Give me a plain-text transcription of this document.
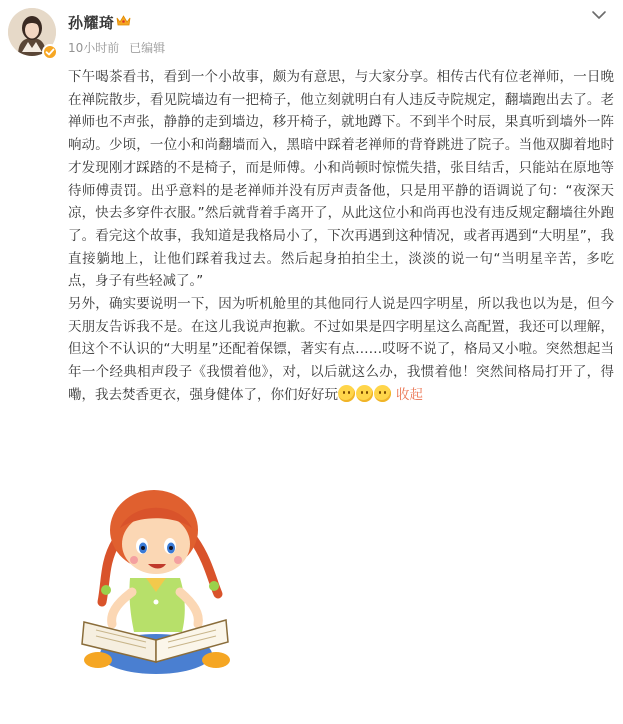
孙耀琦
10小时前 已编辑

下午喝茶看书，看到一个小故事，颇为有意思，与大家分享。相传古代有位老禅师，一日晚在禅院散步，看见院墙边有一把椅子，他立刻就明白有人违反寺院规定，翻墙跑出去了。老禅师也不声张，静静的走到墙边，移开椅子，就地蹲下。不到半个时辰，果真听到墙外一阵响动。少顷，一位小和尚翻墙而入，黑暗中踩着老禅师的背脊跳进了院子。当他双脚着地时才发现刚才踩踏的不是椅子，而是师傅。小和尚顿时惊慌失措，张目结舌，只能站在原地等待师傅责罚。出乎意料的是老禅师并没有厉声责备他，只是用平静的语调说了句：“夜深天凉，快去多穿件衣服。”然后就背着手离开了，从此这位小和尚再也没有违反规定翻墙往外跑了。看完这个故事，我知道是我格局小了，下次再遇到这种情况，或者再遇到“大明星”，我直接躺地上，让他们踩着我过去。然后起身拍拍尘土，淡淡的说一句“当明星辛苦，多吃点，身子有些轻减了。”

另外，确实要说明一下，因为听机舱里的其他同行人说是四字明星，所以我也以为是，但今天朋友告诉我不是。在这儿我说声抱歉。不过如果是四字明星这么高配置，我还可以理解，但这个不认识的“大明星”还配着保镖，著实有点……哎呀不说了，格局又小啦。突然想起当年一个经典相声段子《我惯着他》，对，以后就这么办，我惯着他！突然间格局打开了，得嘞，我去焚香更衣，强身健体了，你们好好玩	收起
